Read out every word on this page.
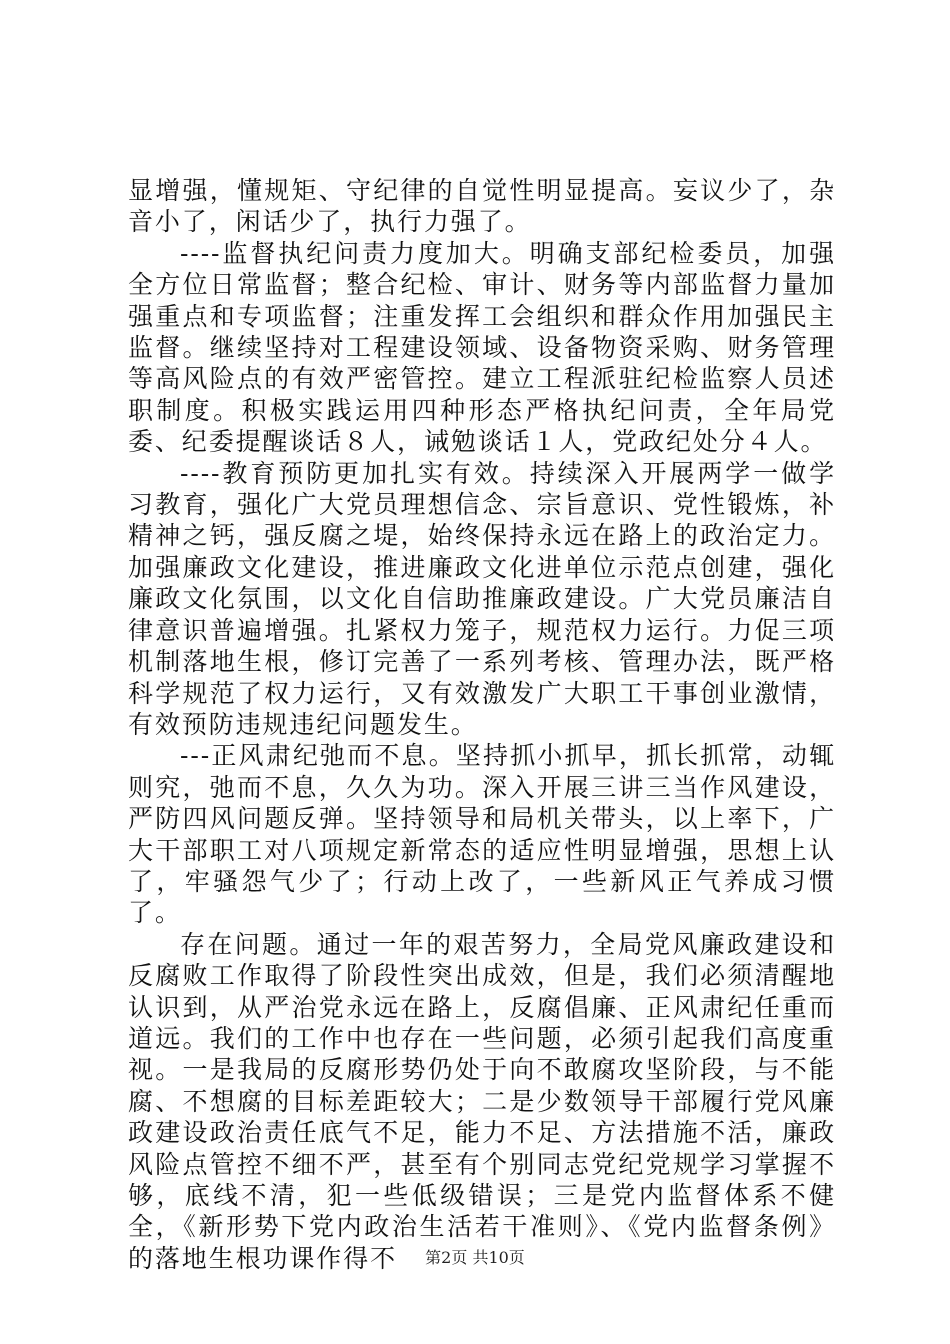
显增强，懂规矩、守纪律的自觉性明显提高。妄议少了，杂音小了，闲话少了，执行力强了。

----监督执纪问责力度加大。明确支部纪检委员，加强全方位日常监督；整合纪检、审计、财务等内部监督力量加强重点和专项监督；注重发挥工会组织和群众作用加强民主监督。继续坚持对工程建设领域、设备物资采购、财务管理等高风险点的有效严密管控。建立工程派驻纪检监察人员述职制度。积极实践运用四种形态严格执纪问责，全年局党委、纪委提醒谈话８人，诫勉谈话１人，党政纪处分４人。

----教育预防更加扎实有效。持续深入开展两学一做学习教育，强化广大党员理想信念、宗旨意识、党性锻炼，补精神之钙，强反腐之堤，始终保持永远在路上的政治定力。加强廉政文化建设，推进廉政文化进单位示范点创建，强化廉政文化氛围，以文化自信助推廉政建设。广大党员廉洁自律意识普遍增强。扎紧权力笼子，规范权力运行。力促三项机制落地生根，修订完善了一系列考核、管理办法，既严格科学规范了权力运行，又有效激发广大职工干事创业激情，有效预防违规违纪问题发生。

---正风肃纪弛而不息。坚持抓小抓早，抓长抓常，动辄则究，弛而不息，久久为功。深入开展三讲三当作风建设，严防四风问题反弹。坚持领导和局机关带头，以上率下，广大干部职工对八项规定新常态的适应性明显增强，思想上认了，牢骚怨气少了；行动上改了，一些新风正气养成习惯了。

存在问题。通过一年的艰苦努力，全局党风廉政建设和反腐败工作取得了阶段性突出成效，但是，我们必须清醒地认识到，从严治党永远在路上，反腐倡廉、正风肃纪任重而道远。我们的工作中也存在一些问题，必须引起我们高度重视。一是我局的反腐形势仍处于向不敢腐攻坚阶段，与不能腐、不想腐的目标差距较大；二是少数领导干部履行党风廉政建设政治责任底气不足，能力不足、方法措施不活，廉政风险点管控不细不严，甚至有个别同志党纪党规学习掌握不够，底线不清，犯一些低级错误；三是党内监督体系不健全，《新形势下党内政治生活若干准则》、《党内监督条例》的落地生根功课作得不	第2页 共10页
